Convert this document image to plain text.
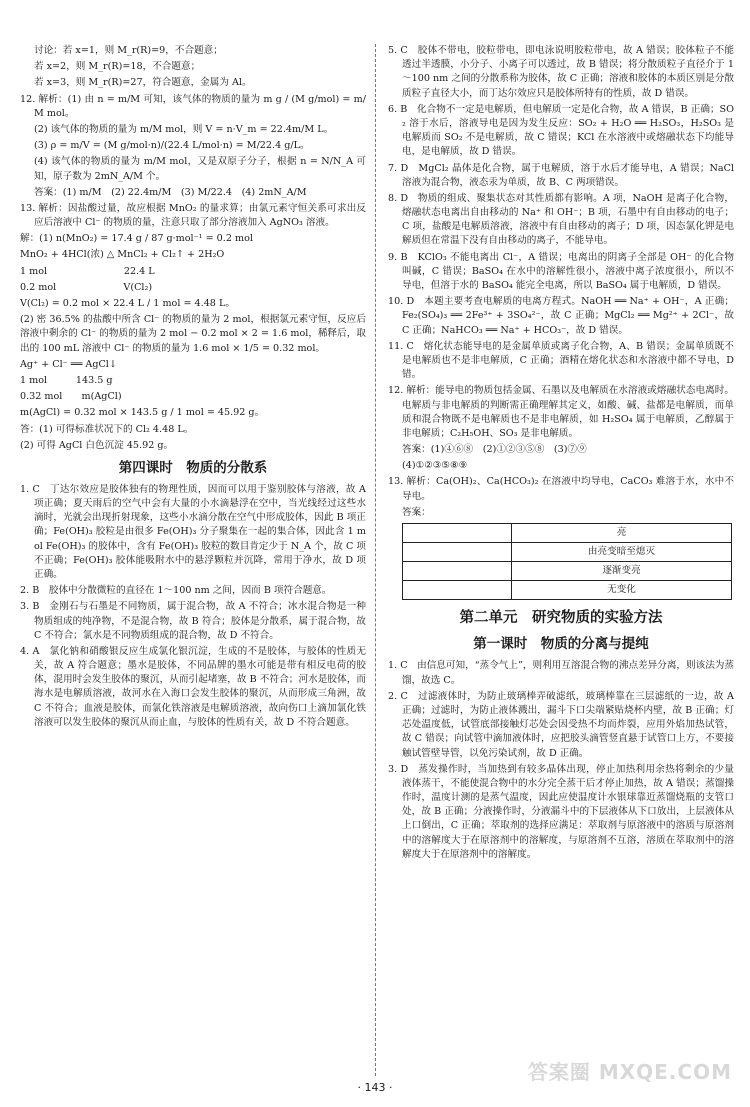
讨论：若 x=1，则 M_r(R)=9，不合题意；

若 x=2，则 M_r(R)=18，不合题意；

若 x=3，则 M_r(R)=27，符合题意，金属为 Al。

12. 解析：(1) 由 n = m/M 可知，该气体的物质的量为 m g / (M g/mol) = m/M mol。

(2) 该气体的物质的量为 m/M mol，则 V = n·V_m = 22.4m/M L。

(3) ρ = m/V = (M g/mol·n)/(22.4 L/mol·n) = M/22.4 g/L。

(4) 该气体的物质的量为 m/M mol，又是双原子分子，根据 n = N/N_A 可知，原子数为 2mN_A/M 个。

答案：(1) m/M　(2) 22.4m/M　(3) M/22.4　(4) 2mN_A/M

13. 解析：因盐酸过量，故应根据 MnO₂ 的量求算；由氯元素守恒关系可求出反应后溶液中 Cl⁻ 的物质的量，注意只取了部分溶液加入 AgNO₃ 溶液。

解：(1) n(MnO₂) = 17.4 g / 87 g·mol⁻¹ = 0.2 mol

MnO₂ + 4HCl(浓) △ MnCl₂ + Cl₂↑ + 2H₂O

1 mol　　　　　　　　22.4 L

0.2 mol　　　　　　　V(Cl₂)

V(Cl₂) = 0.2 mol × 22.4 L / 1 mol = 4.48 L。

(2) 密 36.5% 的盐酸中所含 Cl⁻ 的物质的量为 2 mol，根据氯元素守恒，反应后溶液中剩余的 Cl⁻ 的物质的量为 2 mol − 0.2 mol × 2 = 1.6 mol，稀释后，取出的 100 mL 溶液中 Cl⁻ 的物质的量为 1.6 mol × 1/5 = 0.32 mol。

Ag⁺ + Cl⁻ ══ AgCl↓

1 mol　　　143.5 g

0.32 mol　　m(AgCl)

m(AgCl) = 0.32 mol × 143.5 g / 1 mol = 45.92 g。

答：(1) 可得标准状况下的 Cl₂ 4.48 L。

(2) 可得 AgCl 白色沉淀 45.92 g。

第四课时　物质的分散系

1. C　丁达尔效应是胶体独有的物理性质，因而可以用于鉴别胶体与溶液，故 A 项正确；夏天雨后的空气中会有大量的小水滴悬浮在空中，当光线经过这些水滴时，光就会出现折射现象，这些小水滴分散在空气中形成胶体，因此 B 项正确；Fe(OH)₃ 胶粒是由很多 Fe(OH)₃ 分子聚集在一起的集合体，因此含 1 mol Fe(OH)₃ 的胶体中，含有 Fe(OH)₃ 胶粒的数目肯定少于 N_A 个，故 C 项不正确；Fe(OH)₃ 胶体能吸附水中的悬浮颗粒并沉降，常用于净水，故 D 项正确。

2. B　胶体中分散微粒的直径在 1～100 nm 之间，因而 B 项符合题意。

3. B　金刚石与石墨是不同物质，属于混合物，故 A 不符合；冰水混合物是一种物质组成的纯净物，不是混合物，故 B 符合；胶体是分散系，属于混合物，故 C 不符合；氯水是不同物质组成的混合物，故 D 不符合。

4. A　氯化钠和硝酸银反应生成氯化银沉淀，生成的不是胶体，与胶体的性质无关，故 A 符合题意；墨水是胶体，不同品牌的墨水可能是带有相反电荷的胶体，混用时会发生胶体的聚沉，从而引起堵塞，故 B 不符合；河水是胶体，而海水是电解质溶液，故河水在入海口会发生胶体的聚沉，从而形成三角洲，故 C 不符合；血液是胶体，而氯化铁溶液是电解质溶液，故向伤口上滴加氯化铁溶液可以发生胶体的聚沉从而止血，与胶体的性质有关，故 D 不符合题意。

5. C　胶体不带电，胶粒带电，即电泳说明胶粒带电，故 A 错误；胶体粒子不能透过半透膜，小分子、小离子可以透过，故 B 错误；将分散质粒子直径介于 1～100 nm 之间的分散系称为胶体，故 C 正确；溶液和胶体的本质区别是分散质粒子直径大小，而丁达尔效应只是胶体所特有的性质，故 D 错误。

6. B　化合物不一定是电解质，但电解质一定是化合物，故 A 错误，B 正确；SO₂ 溶于水后，溶液导电是因为发生反应：SO₂ + H₂O ══ H₂SO₃，H₂SO₃ 是电解质而 SO₂ 不是电解质，故 C 错误；KCl 在水溶液中或熔融状态下均能导电，是电解质，故 D 错误。

7. D　MgCl₂ 晶体是化合物，属于电解质，溶于水后才能导电，A 错误；NaCl 溶液为混合物，液态汞为单质，故 B、C 两项错误。

8. D　物质的组成、聚集状态对其性质都有影响。A 项，NaOH 是离子化合物，熔融状态电离出自由移动的 Na⁺ 和 OH⁻；B 项，石墨中有自由移动的电子；C 项，盐酸是电解质溶液，溶液中有自由移动的离子；D 项，因态氯化钾是电解质但在常温下没有自由移动的离子，不能导电。

9. B　KClO₃ 不能电离出 Cl⁻，A 错误；电离出的阴离子全部是 OH⁻ 的化合物叫碱，C 错误；BaSO₄ 在水中的溶解性很小，溶液中离子浓度很小，所以不导电，但溶于水的 BaSO₄ 能完全电离，所以 BaSO₄ 属于电解质，D 错误。

10. D　本题主要考查电解质的电离方程式。NaOH ══ Na⁺ + OH⁻，A 正确；Fe₂(SO₄)₃ ══ 2Fe³⁺ + 3SO₄²⁻，故 C 正确；MgCl₂ ══ Mg²⁺ + 2Cl⁻，故 C 正确；NaHCO₃ ══ Na⁺ + HCO₃⁻，故 D 错误。

11. C　熔化状态能导电的是金属单质或离子化合物，A、B 错误；金属单质既不是电解质也不是非电解质，C 正确；酒精在熔化状态和水溶液中都不导电，D 错。

12. 解析：能导电的物质包括金属、石墨以及电解质在水溶液或熔融状态电离时。电解质与非电解质的判断需正确理解其定义，如酸、碱、盐都是电解质，而单质和混合物既不是电解质也不是非电解质，如 H₂SO₄ 属于电解质，乙醇属于非电解质；C₂H₅OH、SO₃ 是非电解质。

答案：(1)④⑥⑧　(2)①②③⑤⑧　(3)⑦⑨

(4)①②③⑤⑧⑨

13. 解析：Ca(OH)₂、Ca(HCO₃)₂ 在溶液中均导电，CaCO₃ 难溶于水，水中不导电。

答案：

	亮
	由亮变暗至熄灭
	逐渐变亮
	无变化
第二单元　研究物质的实验方法
第一课时　物质的分离与提纯

1. C　由信息可知，“蒸令气上”，则利用互溶混合物的沸点差异分离，则该法为蒸馏，故选 C。

2. C　过滤液体时，为防止玻璃棒弄破滤纸，玻璃棒靠在三层滤纸的一边，故 A 正确；过滤时，为防止液体溅出，漏斗下口尖端紧贴烧杯内壁，故 B 正确；灯芯处温度低，试管底部接触灯芯处会因受热不均而炸裂，应用外焰加热试管，故 C 错误；向试管中滴加液体时，应把胶头滴管竖直悬于试管口上方，不要接触试管壁导管，以免污染试剂，故 D 正确。

3. D　蒸发操作时，当加热到有较多晶体出现，停止加热利用余热将剩余的少量液体蒸干，不能使混合物中的水分完全蒸干后才停止加热，故 A 错误；蒸馏操作时，温度计测的是蒸气温度，因此应使温度计水银球靠近蒸馏烧瓶的支管口处，故 B 正确；分液操作时，分液漏斗中的下层液体从下口放出，上层液体从上口倒出，C 正确；萃取剂的选择应满足：萃取剂与原溶液中的溶质与原溶剂中的溶解度大于在原溶剂中的溶解度，与原溶剂不互溶，溶质在萃取剂中的溶解度大于在原溶剂中的溶解度。

· 143 ·
答案圈 MXQE.COM
